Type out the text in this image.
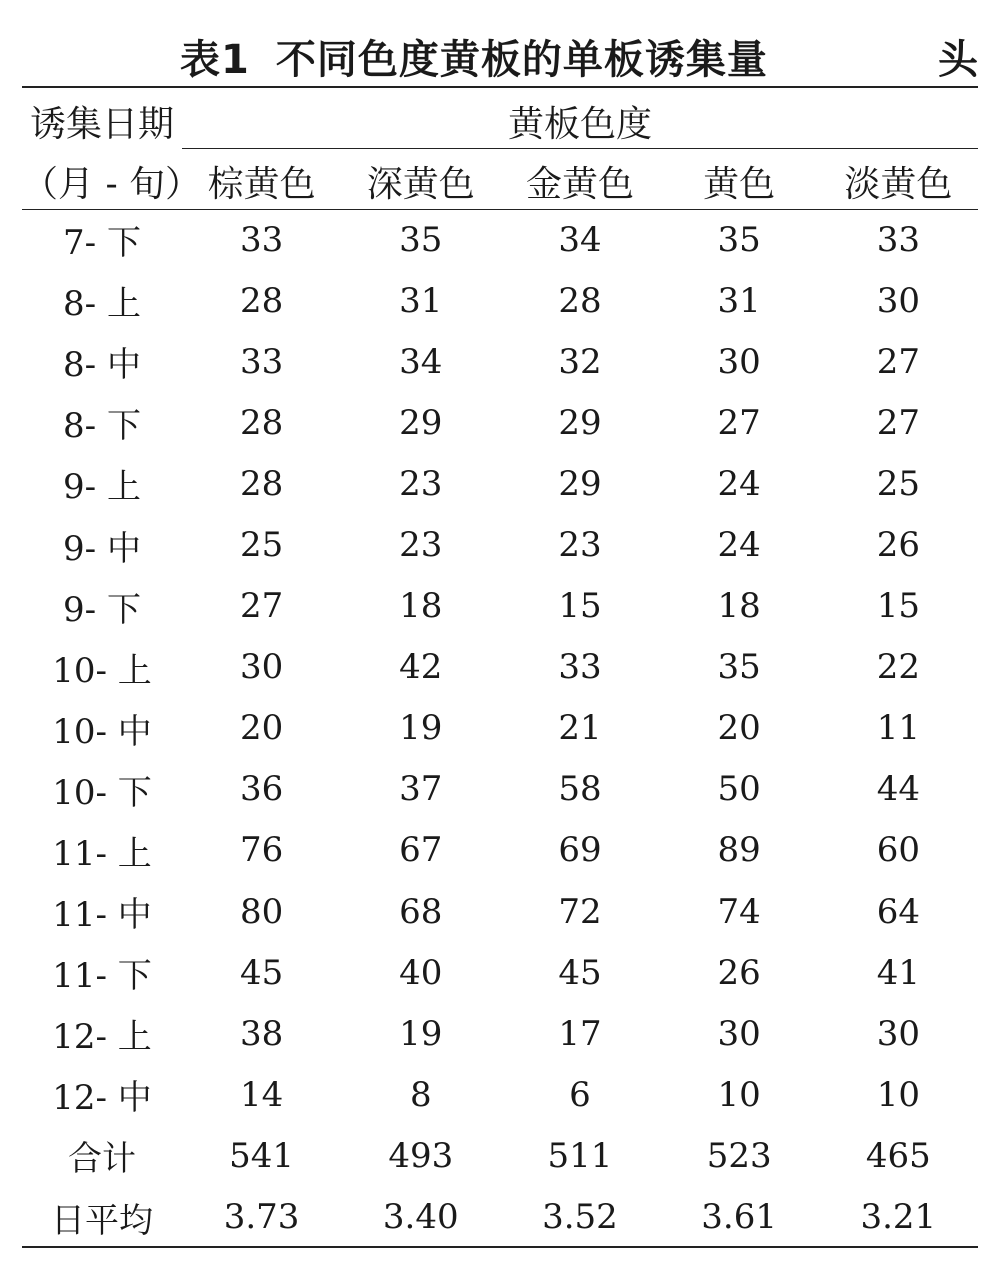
表1 不同色度黄板的单板诱集量	头
诱集日期
（月 - 旬）
黄板色度
棕黄色	深黄色	金黄色	黄色	淡黄色
7- 下	33	35	34	35	33
8- 上	28	31	28	31	30
8- 中	33	34	32	30	27
8- 下	28	29	29	27	27
9- 上	28	23	29	24	25
9- 中	25	23	23	24	26
9- 下	27	18	15	18	15
10- 上	30	42	33	35	22
10- 中	20	19	21	20	11
10- 下	36	37	58	50	44
11- 上	76	67	69	89	60
11- 中	80	68	72	74	64
11- 下	45	40	45	26	41
12- 上	38	19	17	30	30
12- 中	14	8	6	10	10
合计	541	493	511	523	465
日平均	3.73	3.40	3.52	3.61	3.21
